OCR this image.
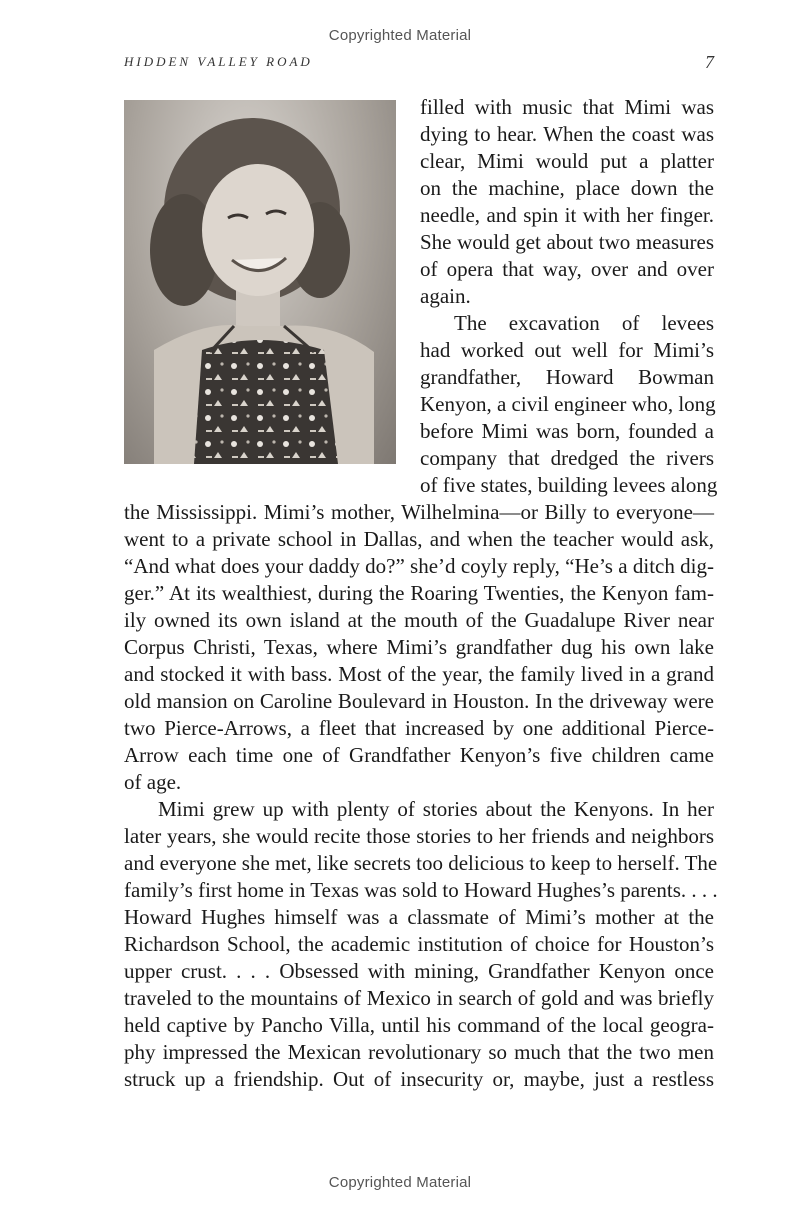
Copyrighted Material
HIDDEN VALLEY ROAD	7
filled with music that Mimi was
dying to hear. When the coast was
clear, Mimi would put a platter
on the machine, place down the
needle, and spin it with her finger.
She would get about two measures
of opera that way, over and over
again.
The excavation of levees
had worked out well for Mimi’s
grandfather, Howard Bowman
Kenyon, a civil engineer who, long
before Mimi was born, founded a
company that dredged the rivers
of five states, building levees along
the Mississippi. Mimi’s mother, Wilhelmina—or Billy to everyone—
went to a private school in Dallas, and when the teacher would ask,
“And what does your daddy do?” she’d coyly reply, “He’s a ditch dig-
ger.” At its wealthiest, during the Roaring Twenties, the Kenyon fam-
ily owned its own island at the mouth of the Guadalupe River near
Corpus Christi, Texas, where Mimi’s grandfather dug his own lake
and stocked it with bass. Most of the year, the family lived in a grand
old mansion on Caroline Boulevard in Houston. In the driveway were
two Pierce-Arrows, a fleet that increased by one additional Pierce-
Arrow each time one of Grandfather Kenyon’s five children came
of age.
Mimi grew up with plenty of stories about the Kenyons. In her
later years, she would recite those stories to her friends and neighbors
and everyone she met, like secrets too delicious to keep to herself. The
family’s first home in Texas was sold to Howard Hughes’s parents. . . .
Howard Hughes himself was a classmate of Mimi’s mother at the
Richardson School, the academic institution of choice for Houston’s
upper crust. . . . Obsessed with mining, Grandfather Kenyon once
traveled to the mountains of Mexico in search of gold and was briefly
held captive by Pancho Villa, until his command of the local geogra-
phy impressed the Mexican revolutionary so much that the two men
struck up a friendship. Out of insecurity or, maybe, just a restless
Copyrighted Material
